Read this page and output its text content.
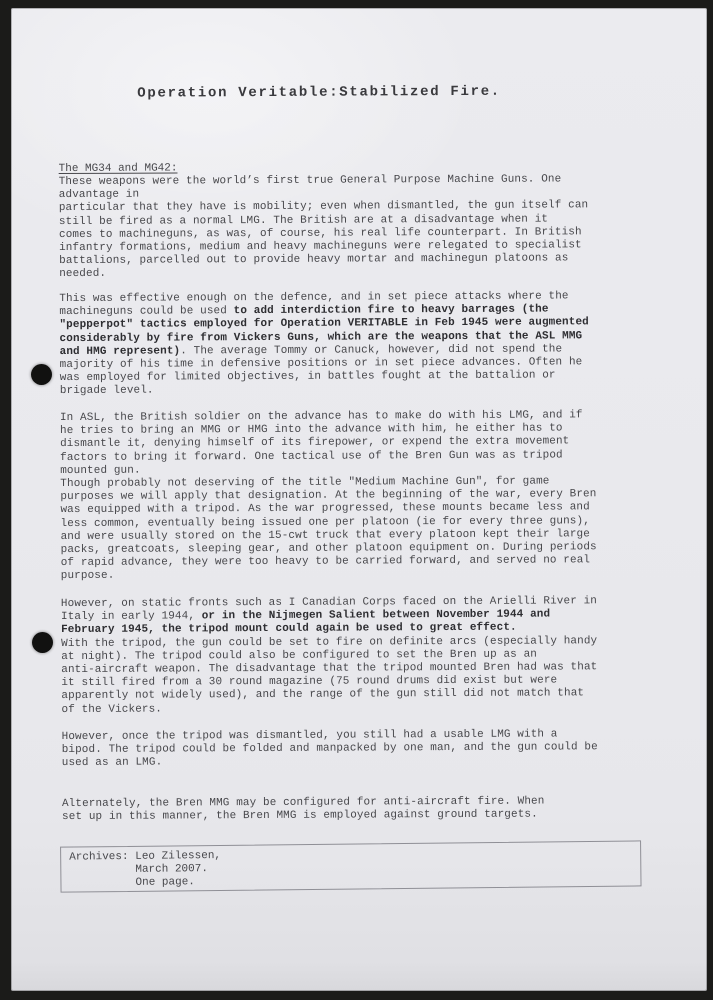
Operation Veritable:Stabilized Fire.
The MG34 and MG42:
These weapons were the world’s first true General Purpose Machine Guns. One
advantage in
particular that they have is mobility; even when dismantled, the gun itself can
still be fired as a normal LMG. The British are at a disadvantage when it
comes to machineguns, as was, of course, his real life counterpart. In British
infantry formations, medium and heavy machineguns were relegated to specialist
battalions, parcelled out to provide heavy mortar and machinegun platoons as
needed.
This was effective enough on the defence, and in set piece attacks where the
machineguns could be used to add interdiction fire to heavy barrages (the
"pepperpot" tactics employed for Operation VERITABLE in Feb 1945 were augmented
considerably by fire from Vickers Guns, which are the weapons that the ASL MMG
and HMG represent). The average Tommy or Canuck, however, did not spend the
majority of his time in defensive positions or in set piece advances. Often he
was employed for limited objectives, in battles fought at the battalion or
brigade level.
In ASL, the British soldier on the advance has to make do with his LMG, and if
he tries to bring an MMG or HMG into the advance with him, he either has to
dismantle it, denying himself of its firepower, or expend the extra movement
factors to bring it forward. One tactical use of the Bren Gun was as tripod
mounted gun.
Though probably not deserving of the title "Medium Machine Gun", for game
purposes we will apply that designation. At the beginning of the war, every Bren
was equipped with a tripod. As the war progressed, these mounts became less and
less common, eventually being issued one per platoon (ie for every three guns),
and were usually stored on the 15-cwt truck that every platoon kept their large
packs, greatcoats, sleeping gear, and other platoon equipment on. During periods
of rapid advance, they were too heavy to be carried forward, and served no real
purpose.
However, on static fronts such as I Canadian Corps faced on the Arielli River in
Italy in early 1944, or in the Nijmegen Salient between November 1944 and
February 1945, the tripod mount could again be used to great effect.
With the tripod, the gun could be set to fire on definite arcs (especially handy
at night). The tripod could also be configured to set the Bren up as an
anti-aircraft weapon. The disadvantage that the tripod mounted Bren had was that
it still fired from a 30 round magazine (75 round drums did exist but were
apparently not widely used), and the range of the gun still did not match that
of the Vickers.
However, once the tripod was dismantled, you still had a usable LMG with a
bipod. The tripod could be folded and manpacked by one man, and the gun could be
used as an LMG.
Alternately, the Bren MMG may be configured for anti-aircraft fire. When
set up in this manner, the Bren MMG is employed against ground targets.
Archives: Leo Zilessen,
March 2007.
One page.
